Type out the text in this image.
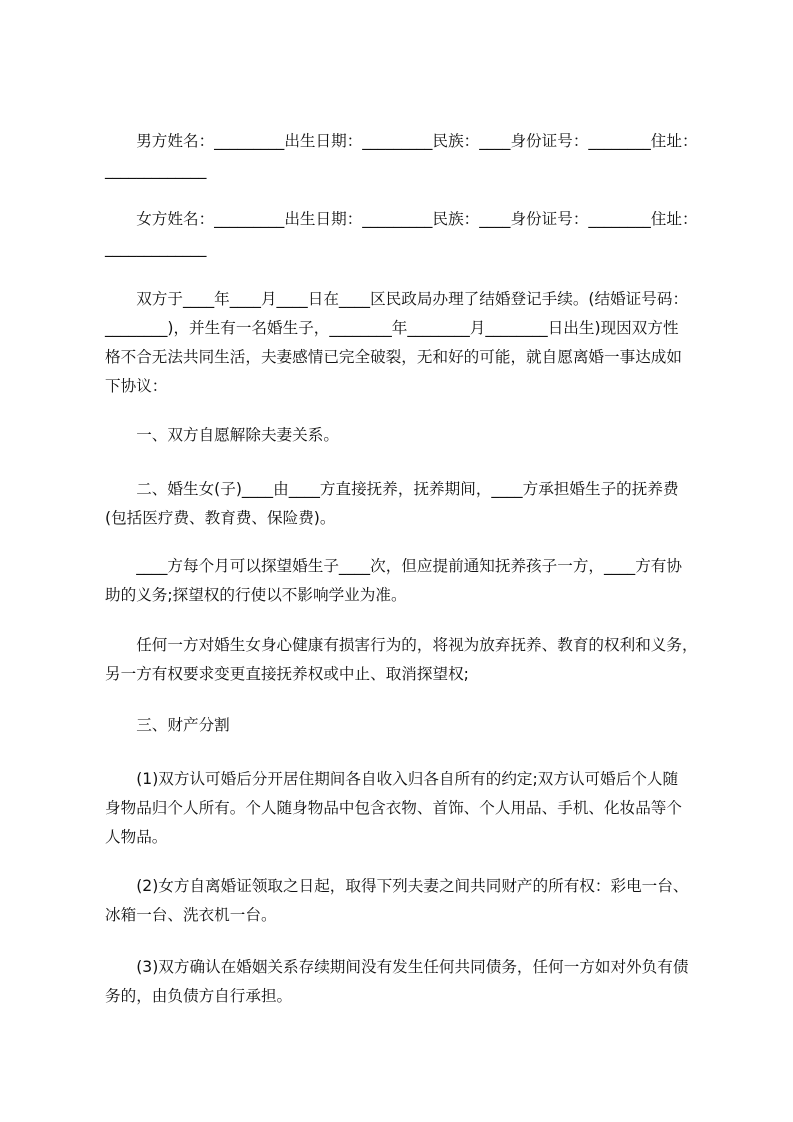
　　男方姓名：_________出生日期：_________民族：____身份证号：________住址：
_____________

　　女方姓名：_________出生日期：_________民族：____身份证号：________住址：
_____________

　　双方于____年____月____日在____区民政局办理了结婚登记手续。(结婚证号码：
________)，并生有一名婚生子，________年________月________日出生)现因双方性
格不合无法共同生活，夫妻感情已完全破裂，无和好的可能，就自愿离婚一事达成如
下协议：

　　一、双方自愿解除夫妻关系。

　　二、婚生女(子)____由____方直接抚养，抚养期间，____方承担婚生子的抚养费
(包括医疗费、教育费、保险费)。

　　____方每个月可以探望婚生子____次，但应提前通知抚养孩子一方，____方有协
助的义务;探望权的行使以不影响学业为准。

　　任何一方对婚生女身心健康有损害行为的，将视为放弃抚养、教育的权利和义务，
另一方有权要求变更直接抚养权或中止、取消探望权;

　　三、财产分割

　　(1)双方认可婚后分开居住期间各自收入归各自所有的约定;双方认可婚后个人随
身物品归个人所有。个人随身物品中包含衣物、首饰、个人用品、手机、化妆品等个
人物品。

　　(2)女方自离婚证领取之日起，取得下列夫妻之间共同财产的所有权：彩电一台、
冰箱一台、洗衣机一台。

　　(3)双方确认在婚姻关系存续期间没有发生任何共同债务，任何一方如对外负有债
务的，由负债方自行承担。
